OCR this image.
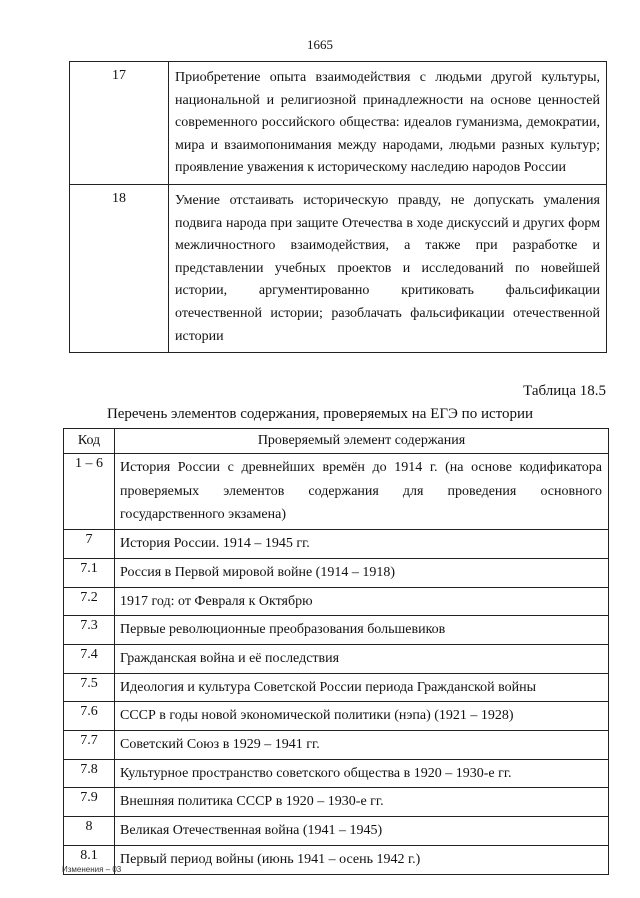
1665
17	Приобретение опыта взаимодействия с людьми другой культуры, национальной и религиозной принадлежности на основе ценностей современного российского общества: идеалов гуманизма, демократии, мира и взаимопонимания между народами, людьми разных культур; проявление уважения к историческому наследию народов России
18	Умение отстаивать историческую правду, не допускать умаления подвига народа при защите Отечества в ходе дискуссий и других форм межличностного взаимодействия, а также при разработке и представлении учебных проектов и исследований по новейшей истории, аргументированно критиковать фальсификации отечественной истории; разоблачать фальсификации отечественной истории
Таблица 18.5
Перечень элементов содержания, проверяемых на ЕГЭ по истории
Код	Проверяемый элемент содержания
1 – 6	История России с древнейших времён до 1914 г. (на основе кодификатора проверяемых элементов содержания для проведения основного государственного экзамена)
7	История России. 1914 – 1945 гг.
7.1	Россия в Первой мировой войне (1914 – 1918)
7.2	1917 год: от Февраля к Октябрю
7.3	Первые революционные преобразования большевиков
7.4	Гражданская война и её последствия
7.5	Идеология и культура Советской России периода Гражданской войны
7.6	СССР в годы новой экономической политики (нэпа) (1921 – 1928)
7.7	Советский Союз в 1929 – 1941 гг.
7.8	Культурное пространство советского общества в 1920 – 1930-е гг.
7.9	Внешняя политика СССР в 1920 – 1930-е гг.
8	Великая Отечественная война (1941 – 1945)
8.1	Первый период войны (июнь 1941 – осень 1942 г.)
Изменения – 03
